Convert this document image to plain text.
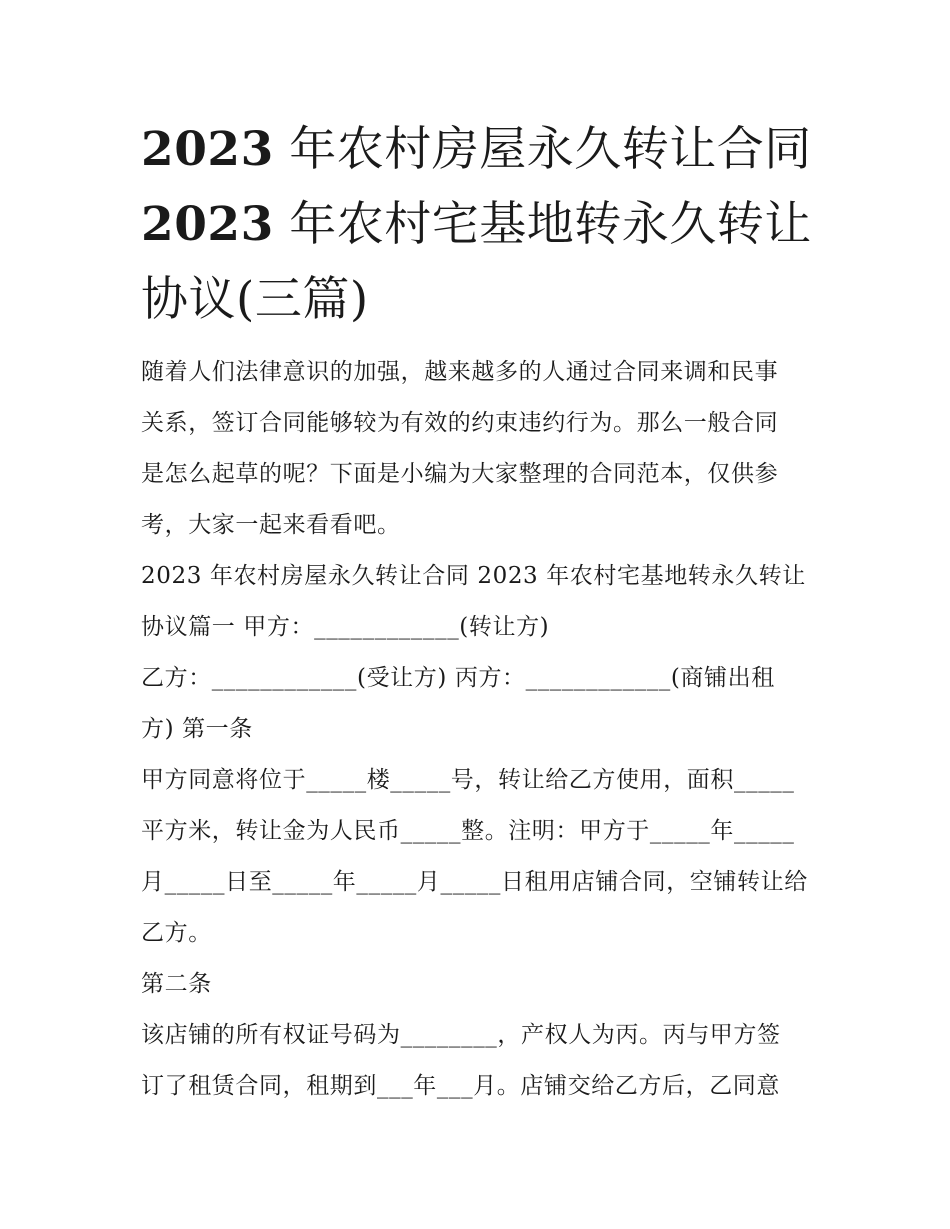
2023 年农村房屋永久转让合同
2023 年农村宅基地转永久转让
协议(三篇)
随着人们法律意识的加强，越来越多的人通过合同来调和民事
关系，签订合同能够较为有效的约束违约行为。那么一般合同
是怎么起草的呢？下面是小编为大家整理的合同范本，仅供参
考，大家一起来看看吧。
2023 年农村房屋永久转让合同 2023 年农村宅基地转永久转让
协议篇一 甲方：____________(转让方)
乙方：____________(受让方) 丙方：____________(商铺出租
方) 第一条
甲方同意将位于_____楼_____号，转让给乙方使用，面积_____
平方米，转让金为人民币_____整。注明：甲方于_____年_____
月_____日至_____年_____月_____日租用店铺合同，空铺转让给
乙方。
第二条
该店铺的所有权证号码为________，产权人为丙。丙与甲方签
订了租赁合同，租期到___年___月。店铺交给乙方后，乙同意
